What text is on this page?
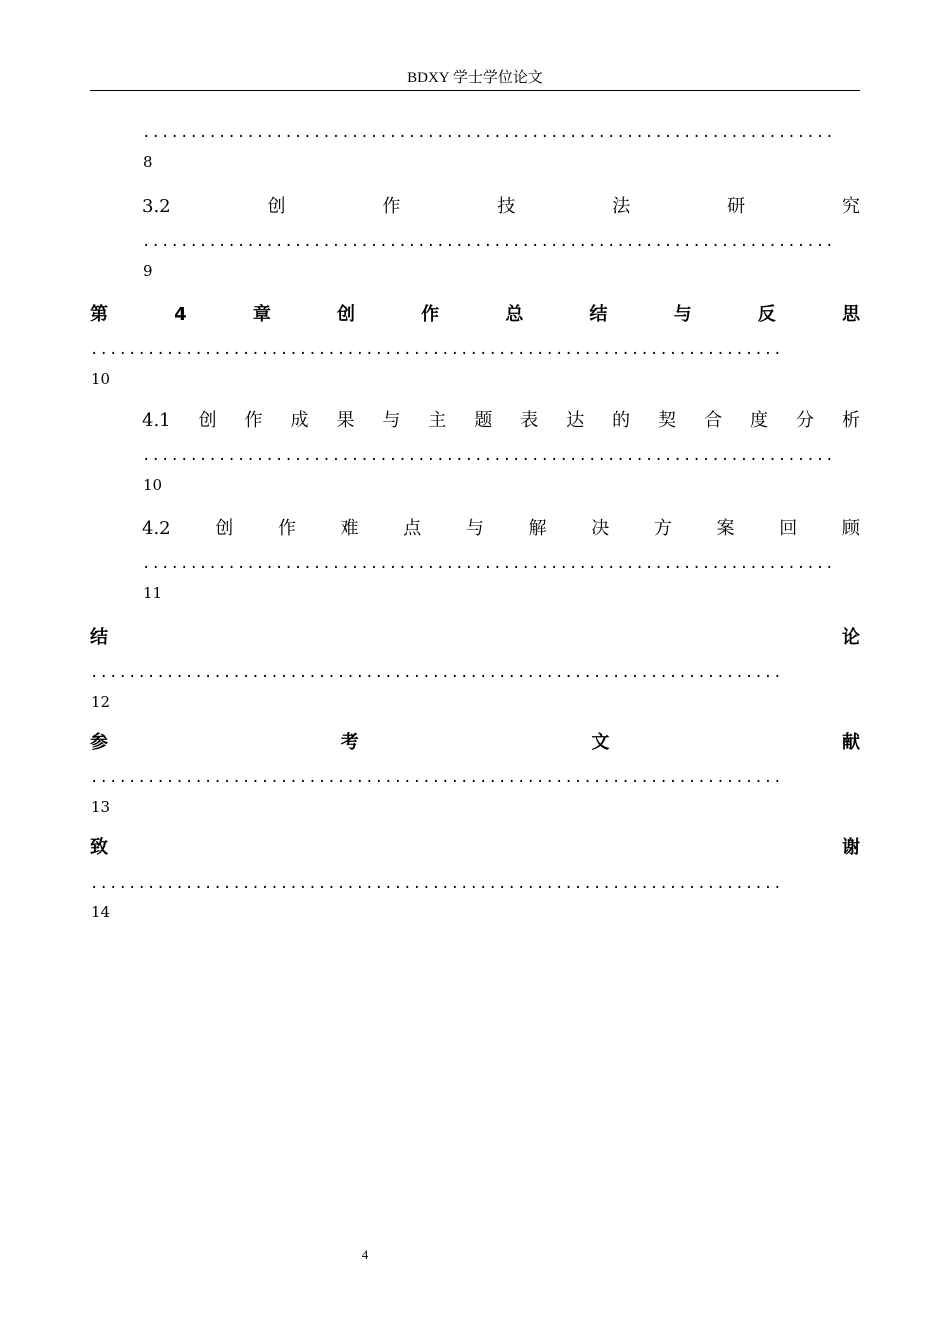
BDXY 学士学位论文
.........................................................................
8
3.2	创	作	技	法	研	究
.........................................................................
9
第	4	章	创	作	总	结	与	反	思
.........................................................................
10
4.1 创 作 成 果 与 主 题 表 达 的 契 合 度 分 析
.........................................................................
10
4.2 创 作 难 点 与 解 决 方 案 回 顾
.........................................................................
11
结	论
.........................................................................
12
参	考	文	献
.........................................................................
13
致	谢
.........................................................................
14
4
